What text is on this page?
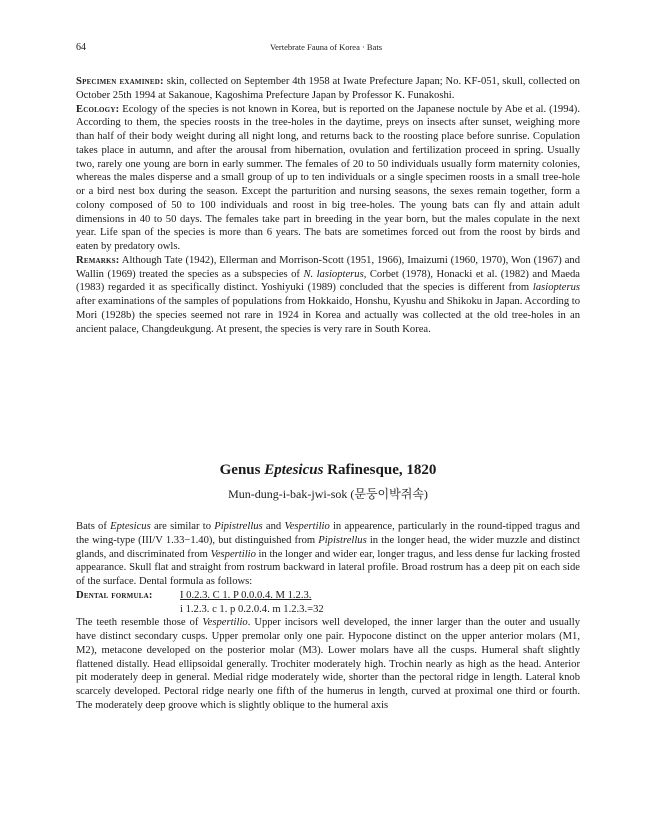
64	Vertebrate Fauna of Korea · Bats

Specimen examined: skin, collected on September 4th 1958 at Iwate Prefecture Japan; No. KF-051, skull, collected on October 25th 1994 at Sakanoue, Kagoshima Prefecture Japan by Professor K. Funakoshi.

Ecology: Ecology of the species is not known in Korea, but is reported on the Japanese noctule by Abe et al. (1994). According to them, the species roosts in the tree-holes in the daytime, preys on insects after sunset, weighing more than half of their body weight during all night long, and returns back to the roosting place before sunrise. Copulation takes place in autumn, and after the arousal from hibernation, ovulation and fertilization proceed in spring. Usually two, rarely one young are born in early summer. The females of 20 to 50 individuals usually form maternity colonies, whereas the males disperse and a small group of up to ten individuals or a single specimen roosts in a small tree-hole or a bird nest box during the season. Except the parturition and nursing seasons, the sexes remain together, form a colony composed of 50 to 100 individuals and roost in big tree-holes. The young bats can fly and attain adult dimensions in 40 to 50 days. The females take part in breeding in the year born, but the males copulate in the next year. Life span of the species is more than 6 years. The bats are sometimes forced out from the roost by birds and eaten by predatory owls.

Remarks: Although Tate (1942), Ellerman and Morrison-Scott (1951, 1966), Imaizumi (1960, 1970), Won (1967) and Wallin (1969) treated the species as a subspecies of N. lasiopterus, Corbet (1978), Honacki et al. (1982) and Maeda (1983) regarded it as specifically distinct. Yoshiyuki (1989) concluded that the species is different from lasiopterus after examinations of the samples of populations from Hokkaido, Honshu, Kyushu and Shikoku in Japan. According to Mori (1928b) the species seemed not rare in 1924 in Korea and actually was collected at the old tree-holes in an ancient palace, Changdeukgung. At present, the species is very rare in South Korea.

Genus Eptesicus Rafinesque, 1820
Mun-dung-i-bak-jwi-sok (문둥이박쥐속)

Bats of Eptesicus are similar to Pipistrellus and Vespertilio in appearence, particularly in the round-tipped tragus and the wing-type (III/V 1.33−1.40), but distinguished from Pipistrellus in the longer head, the wider muzzle and distinct glands, and discriminated from Vespertilio in the longer and wider ear, longer tragus, and less dense fur lacking frosted appearance. Skull flat and straight from rostrum backward in lateral profile. Broad rostrum has a deep pit on each side of the surface. Dental formula as follows:

Dental formula:	I 0.2.3. C 1. P 0.0.0.4. M 1.2.3.
i 1.2.3. c 1. p 0.2.0.4. m 1.2.3.=32

The teeth resemble those of Vespertilio. Upper incisors well developed, the inner larger than the outer and usually have distinct secondary cusps. Upper premolar only one pair. Hypocone distinct on the upper anterior molars (M1, M2), metacone developed on the posterior molar (M3). Lower molars have all the cusps. Humeral shaft slightly flattened distally. Head ellipsoidal generally. Trochiter moderately high. Trochin nearly as high as the head. Anterior pit moderately deep in general. Medial ridge moderately wide, shorter than the pectoral ridge in length. Lateral knob scarcely developed. Pectoral ridge nearly one fifth of the humerus in length, curved at proximal one third or fourth. The moderately deep groove which is slightly oblique to the humeral axis
